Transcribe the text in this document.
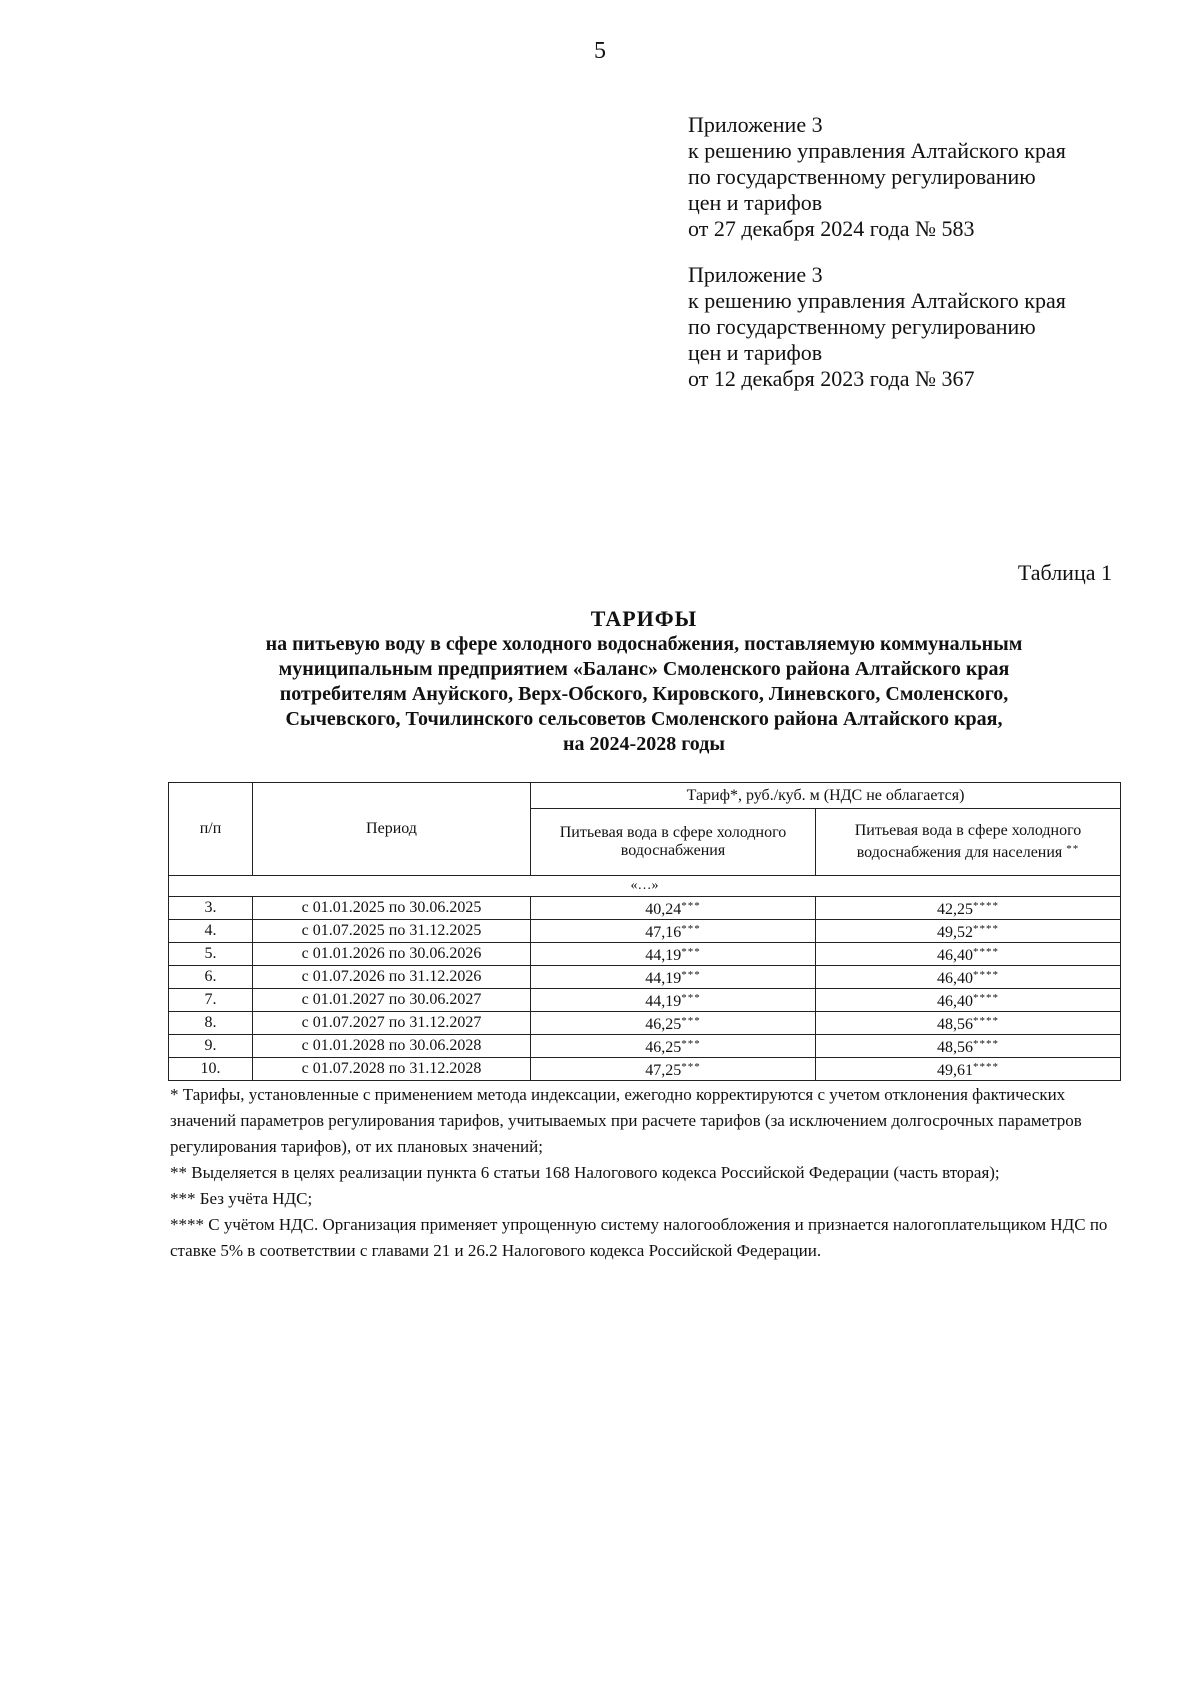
5
Приложение 3
к решению управления Алтайского края
по государственному регулированию
цен и тарифов
от 27 декабря 2024 года № 583
Приложение 3
к решению управления Алтайского края
по государственному регулированию
цен и тарифов
от 12 декабря 2023 года № 367
Таблица 1
ТАРИФЫ
на питьевую воду в сфере холодного водоснабжения, поставляемую коммунальным
муниципальным предприятием «Баланс» Смоленского района Алтайского края
потребителям Ануйского, Верх-Обского, Кировского, Линевского, Смоленского,
Сычевского, Точилинского сельсоветов Смоленского района Алтайского края,
на 2024-2028 годы
п/п	Период	Тариф*, руб./куб. м (НДС не облагается)	
		Питьевая вода в сфере холодного водоснабжения	Питьевая вода в сфере холодного водоснабжения для населения **
«…»			
3.	с 01.01.2025 по 30.06.2025	40,24***	42,25****
4.	с 01.07.2025 по 31.12.2025	47,16***	49,52****
5.	с 01.01.2026 по 30.06.2026	44,19***	46,40****
6.	с 01.07.2026 по 31.12.2026	44,19***	46,40****
7.	с 01.01.2027 по 30.06.2027	44,19***	46,40****
8.	с 01.07.2027 по 31.12.2027	46,25***	48,56****
9.	с 01.01.2028 по 30.06.2028	46,25***	48,56****
10.	с 01.07.2028 по 31.12.2028	47,25***	49,61****

* Тарифы, установленные с применением метода индексации, ежегодно корректируются с учетом отклонения фактических значений параметров регулирования тарифов, учитываемых при расчете тарифов (за исключением долгосрочных параметров регулирования тарифов), от их плановых значений;

** Выделяется в целях реализации пункта 6 статьи 168 Налогового кодекса Российской Федерации (часть вторая);

*** Без учёта НДС;

**** С учётом НДС. Организация применяет упрощенную систему налогообложения и признается налогоплательщиком НДС по ставке 5% в соответствии с главами 21 и 26.2 Налогового кодекса Российской Федерации.
